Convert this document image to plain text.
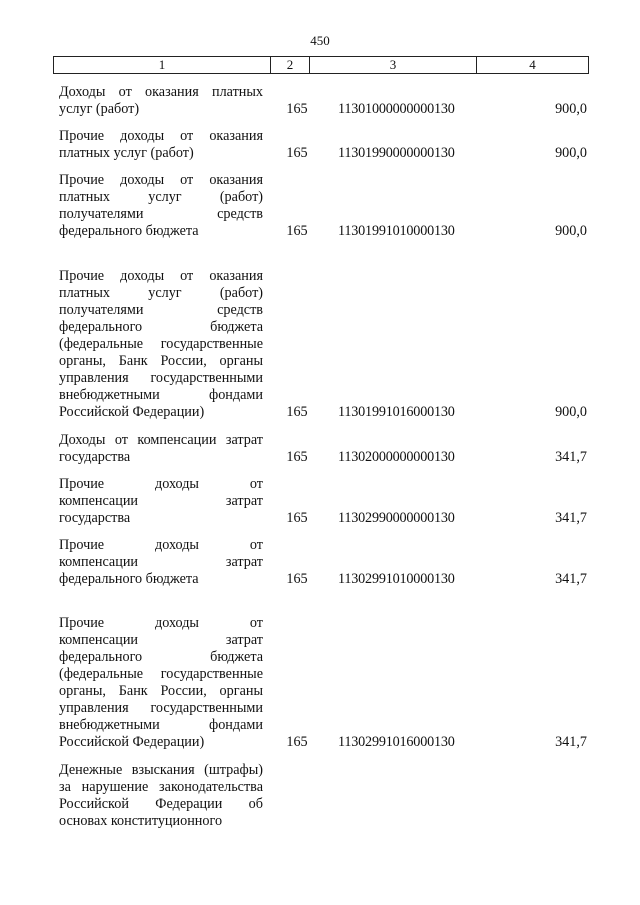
450
1	2	3	4
Доходы от оказания платных
услуг (работ)	165 11301000000000130	900,0
Прочие доходы от оказания
платных услуг (работ)	165 11301990000000130	900,0
Прочие доходы от оказания
платных услуг (работ)
получателями средств
федерального бюджета	165 11301991010000130	900,0
Прочие доходы от оказания
платных услуг (работ)
получателями средств
федерального бюджета
(федеральные государственные
органы, Банк России, органы
управления государственными
внебюджетными фондами
Российской Федерации)	165 11301991016000130	900,0
Доходы от компенсации затрат
государства	165 11302000000000130	341,7
Прочие доходы от
компенсации затрат
государства	165 11302990000000130	341,7
Прочие доходы от
компенсации затрат
федерального бюджета	165 11302991010000130	341,7
Прочие доходы от
компенсации затрат
федерального бюджета
(федеральные государственные
органы, Банк России, органы
управления государственными
внебюджетными фондами
Российской Федерации)	165 11302991016000130	341,7
Денежные взыскания (штрафы)
за нарушение законодательства
Российской Федерации об
основах конституционного
